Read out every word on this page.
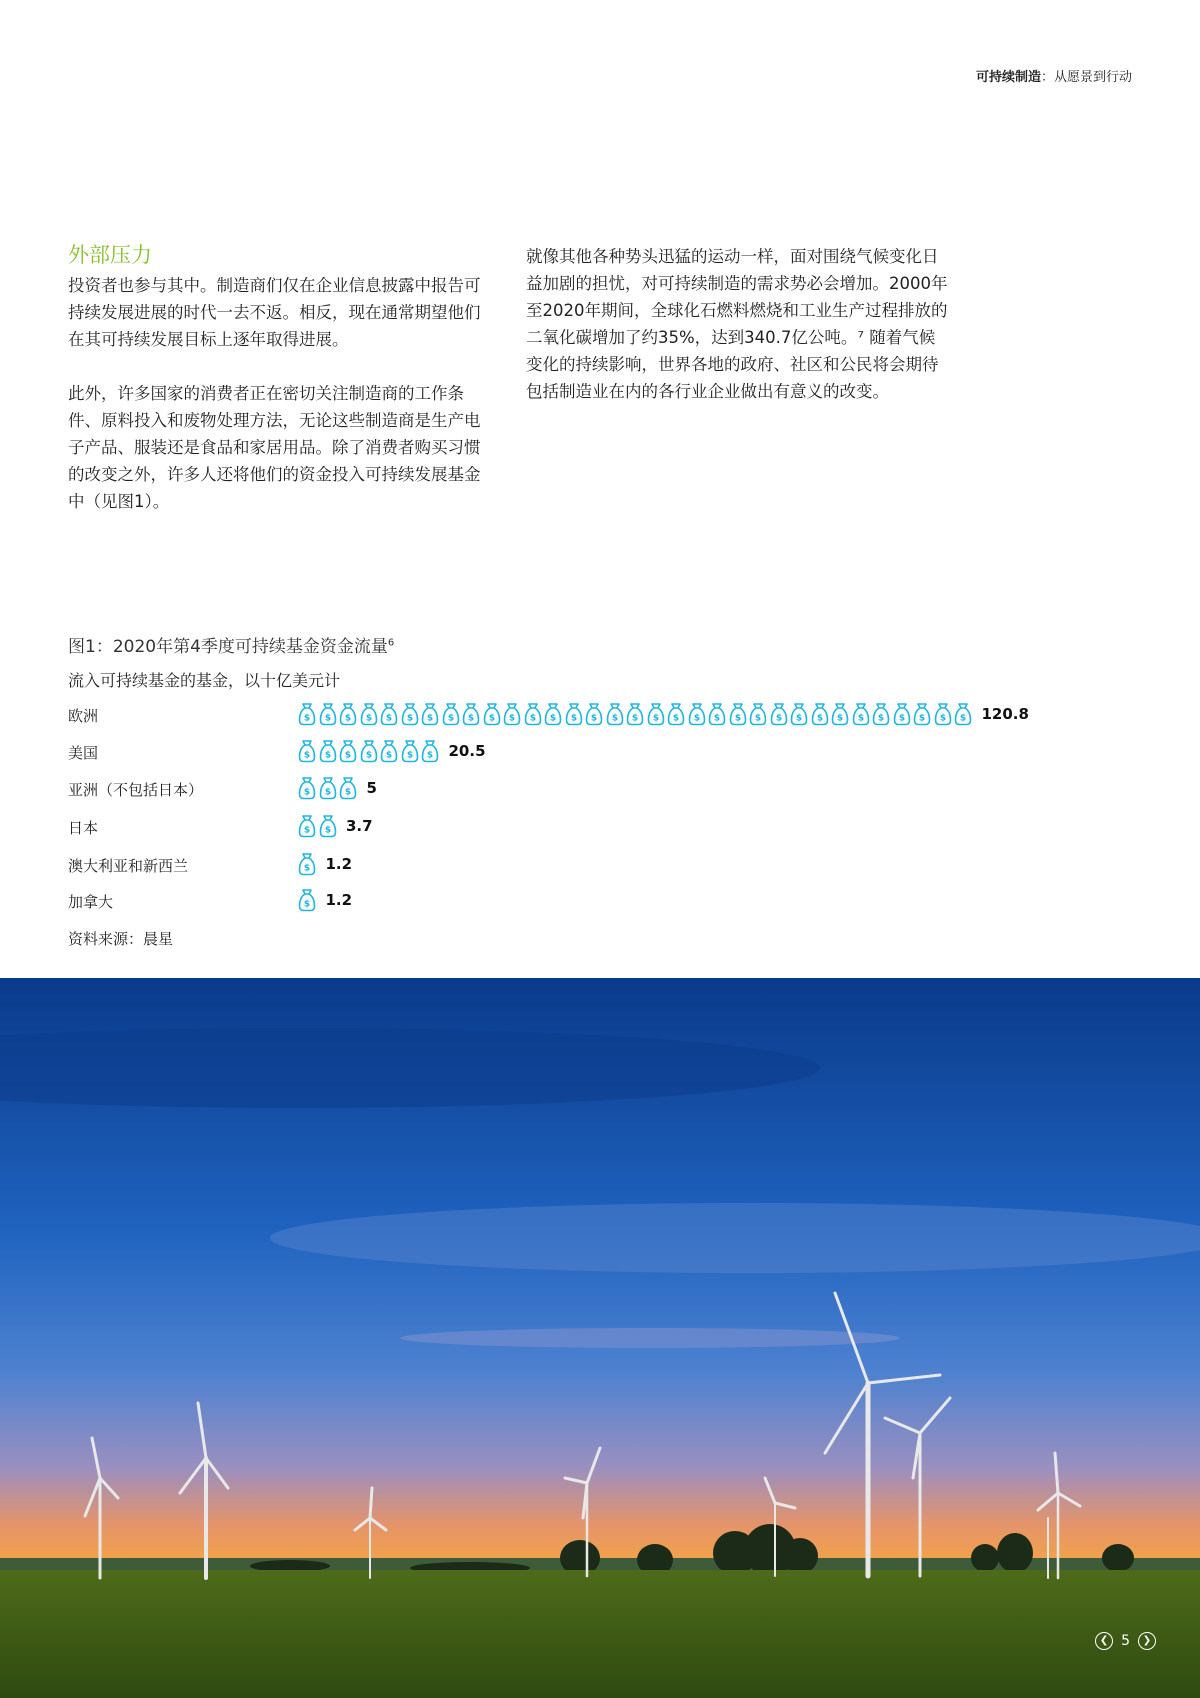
可持续制造：从愿景到行动
外部压力

投资者也参与其中。制造商们仅在企业信息披露中报告可持续发展进展的时代一去不返。相反，现在通常期望他们在其可持续发展目标上逐年取得进展。

此外，许多国家的消费者正在密切关注制造商的工作条件、原料投入和废物处理方法，无论这些制造商是生产电子产品、服装还是食品和家居用品。除了消费者购买习惯的改变之外，许多人还将他们的资金投入可持续发展基金中（见图1）。

就像其他各种势头迅猛的运动一样，面对围绕气候变化日益加剧的担忧，对可持续制造的需求势必会增加。2000年至2020年期间，全球化石燃料燃烧和工业生产过程排放的二氧化碳增加了约35%，达到340.7亿公吨。⁷ 随着气候变化的持续影响，世界各地的政府、社区和公民将会期待包括制造业在内的各行业企业做出有意义的改变。

图1：2020年第4季度可持续基金资金流量$^6$
流入可持续基金的基金，以十亿美元计
欧洲	$ $ $ $ $ $ $ $ $ $ $ $ $ $ $ $ $ $ $ $ $ $ $ $ $ $ $ $ $ $ $ $ $ 120.8
美国	$ $ $ $ $ $ $ 20.5
亚洲（不包括日本）	$ $ $ 5
日本	$ $ 3.7
澳大利亚和新西兰	$ 1.2
加拿大	$ 1.2
资料来源：晨星
❮ 5	❯
